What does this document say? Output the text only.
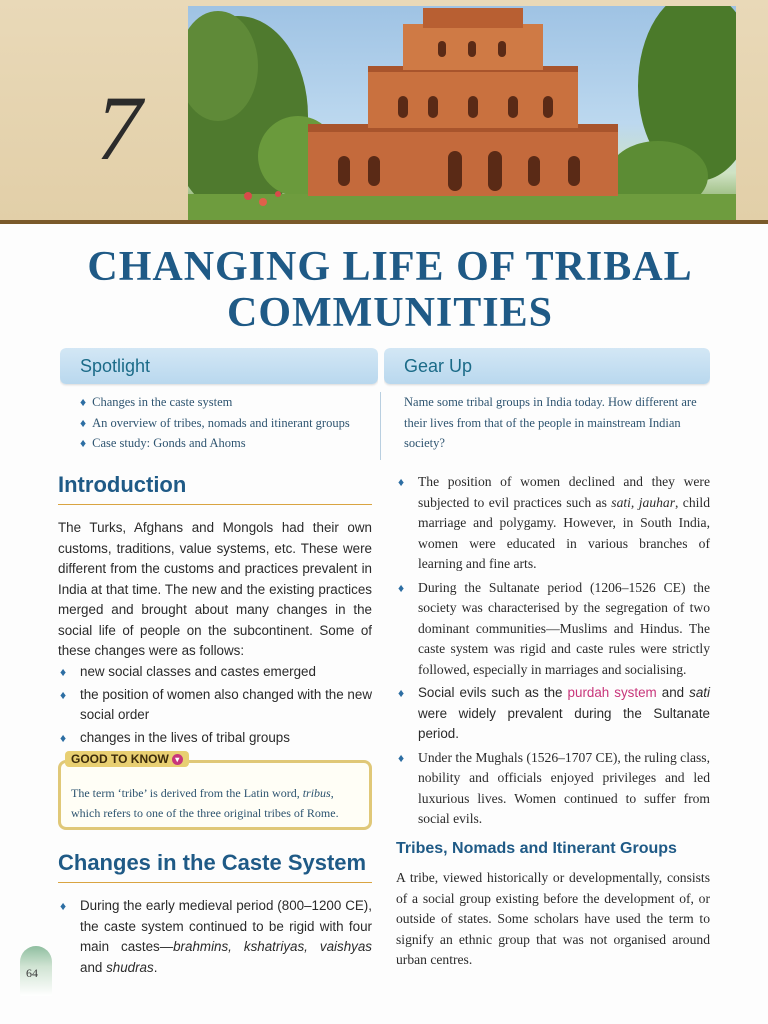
7
CHANGING LIFE OF TRIBAL COMMUNITIES
Spotlight
♦ Changes in the caste system
♦ An overview of tribes, nomads and itinerant groups
♦ Case study: Gonds and Ahoms
Gear Up
Name some tribal groups in India today. How different are their lives from that of the people in mainstream Indian society?
Introduction
The Turks, Afghans and Mongols had their own customs, traditions, value systems, etc. These were different from the customs and practices prevalent in India at that time. The new and the existing practices merged and brought about many changes in the social life of people on the subcontinent. Some of these changes were as follows:
♦ new social classes and castes emerged
♦ the position of women also changed with the new social order
♦ changes in the lives of tribal groups
GOOD TO KNOW ▾
The term ‘tribe’ is derived from the Latin word, tribus, which refers to one of the three original tribes of Rome.
Changes in the Caste System
♦ During the early medieval period (800–1200 CE), the caste system continued to be rigid with four main castes—brahmins, kshatriyas, vaishyas and shudras.
♦ The position of women declined and they were subjected to evil practices such as sati, jauhar, child marriage and polygamy. However, in South India, women were educated in various branches of learning and fine arts.
♦ During the Sultanate period (1206–1526 CE) the society was characterised by the segregation of two dominant communities—Muslims and Hindus. The caste system was rigid and caste rules were strictly followed, especially in marriages and socialising.
♦ Social evils such as the purdah system and sati were widely prevalent during the Sultanate period.
♦ Under the Mughals (1526–1707 CE), the ruling class, nobility and officials enjoyed privileges and led luxurious lives. Women continued to suffer from social evils.
Tribes, Nomads and Itinerant Groups
A tribe, viewed historically or developmentally, consists of a social group existing before the development of, or outside of states. Some scholars have used the term to signify an ethnic group that was not organised around urban centres.
64
